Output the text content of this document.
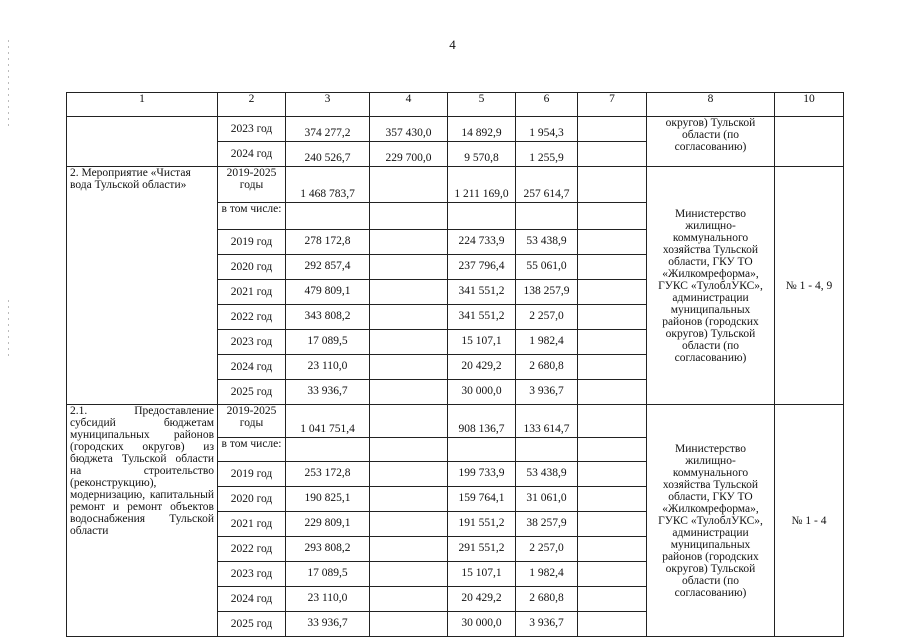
4
1	2	3	4	5	6	7	8	10
	2023 год	374 277,2	357 430,0	14 892,9	1 954,3		округов) Тульской области (по согласованию)	
	2024 год	240 526,7	229 700,0	9 570,8	1 255,9			
2. Мероприятие «Чистая вода Тульской области»	2019-2025 годы	1 468 783,7		1 211 169,0	257 614,7		Министерство жилищно-коммунального хозяйства Тульской области, ГКУ ТО «Жилкомреформа», ГУКС «ТулоблУКС», администрации муниципальных районов (городских округов) Тульской области (по согласованию)	№ 1 - 4, 9
	в том числе:							
	2019 год	278 172,8		224 733,9	53 438,9			
	2020 год	292 857,4		237 796,4	55 061,0			
	2021 год	479 809,1		341 551,2	138 257,9			
	2022 год	343 808,2		341 551,2	2 257,0			
	2023 год	17 089,5		15 107,1	1 982,4			
	2024 год	23 110,0		20 429,2	2 680,8			
	2025 год	33 936,7		30 000,0	3 936,7			
2.1. Предоставление субсидий бюджетам муниципальных районов (городских округов) из бюджета Тульской области на строительство (реконструкцию), модернизацию, капитальный ремонт и ремонт объектов водоснабжения Тульской области	2019-2025 годы	1 041 751,4		908 136,7	133 614,7		Министерство жилищно-коммунального хозяйства Тульской области, ГКУ ТО «Жилкомреформа», ГУКС «ТулоблУКС», администрации муниципальных районов (городских округов) Тульской области (по согласованию)	№ 1 - 4
	в том числе:							
	2019 год	253 172,8		199 733,9	53 438,9			
	2020 год	190 825,1		159 764,1	31 061,0			
	2021 год	229 809,1		191 551,2	38 257,9			
	2022 год	293 808,2		291 551,2	2 257,0			
	2023 год	17 089,5		15 107,1	1 982,4			
	2024 год	23 110,0		20 429,2	2 680,8			
	2025 год	33 936,7		30 000,0	3 936,7			
